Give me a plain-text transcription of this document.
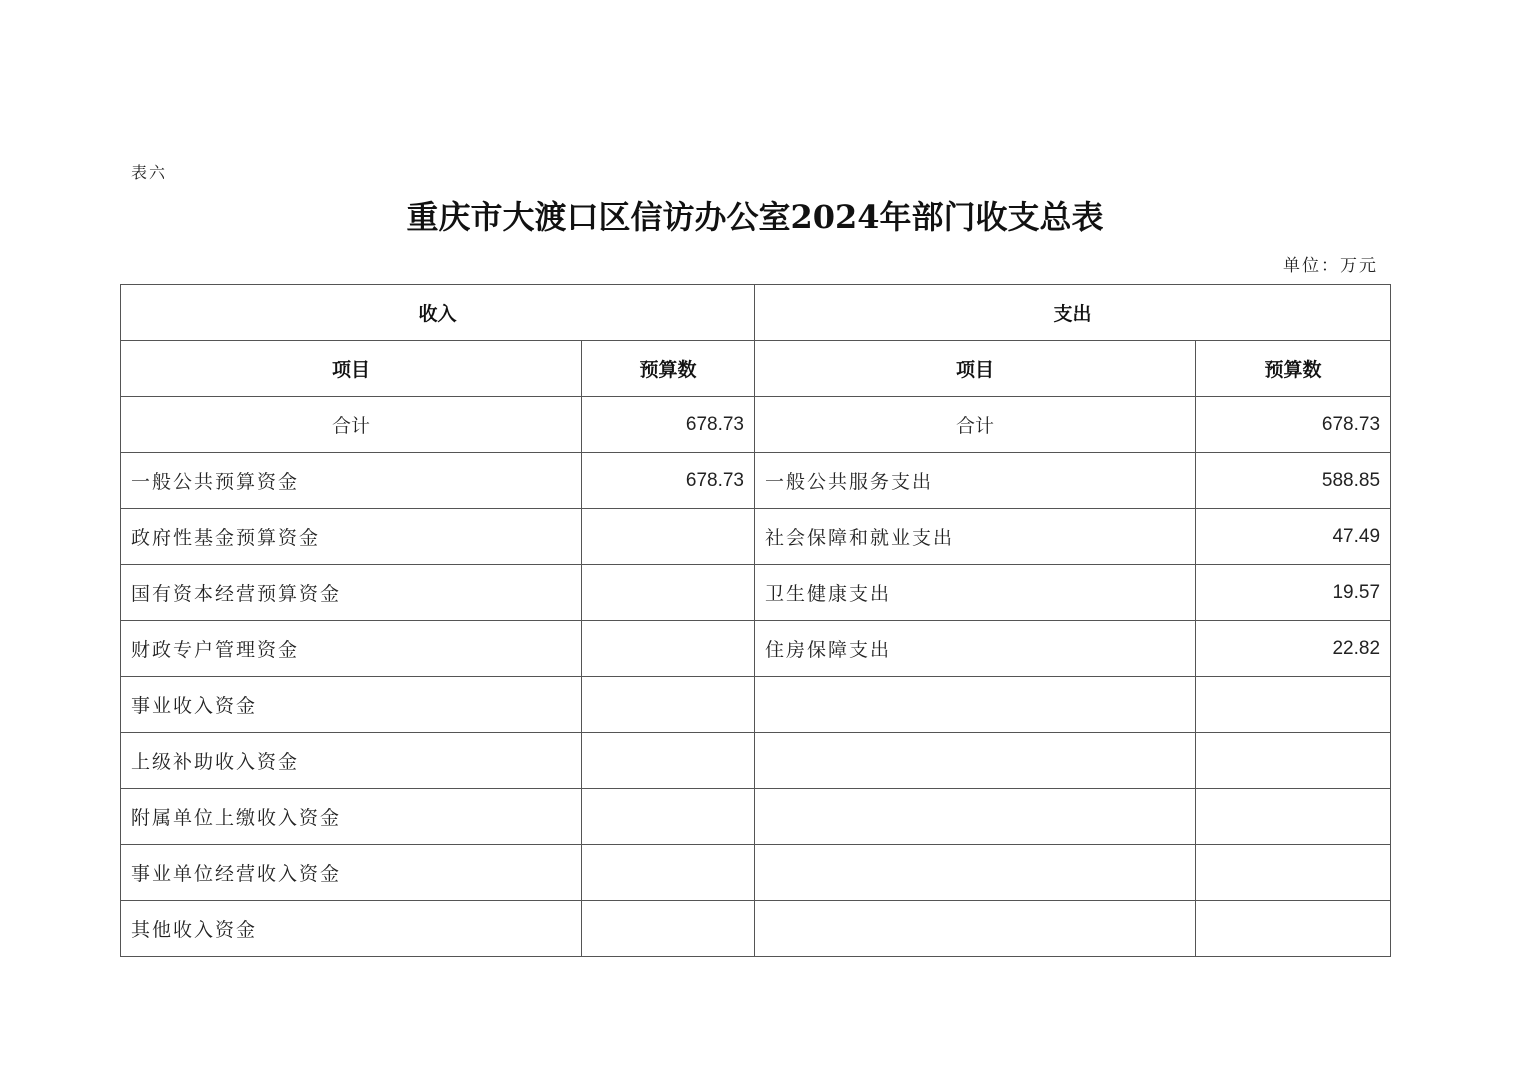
表六
重庆市大渡口区信访办公室2024年部门收支总表
单位：万元
收入		支出	
项目	预算数	项目	预算数
合计	678.73	合计	678.73
一般公共预算资金	678.73	一般公共服务支出	588.85
政府性基金预算资金		社会保障和就业支出	47.49
国有资本经营预算资金		卫生健康支出	19.57
财政专户管理资金		住房保障支出	22.82
事业收入资金			
上级补助收入资金			
附属单位上缴收入资金			
事业单位经营收入资金			
其他收入资金			
